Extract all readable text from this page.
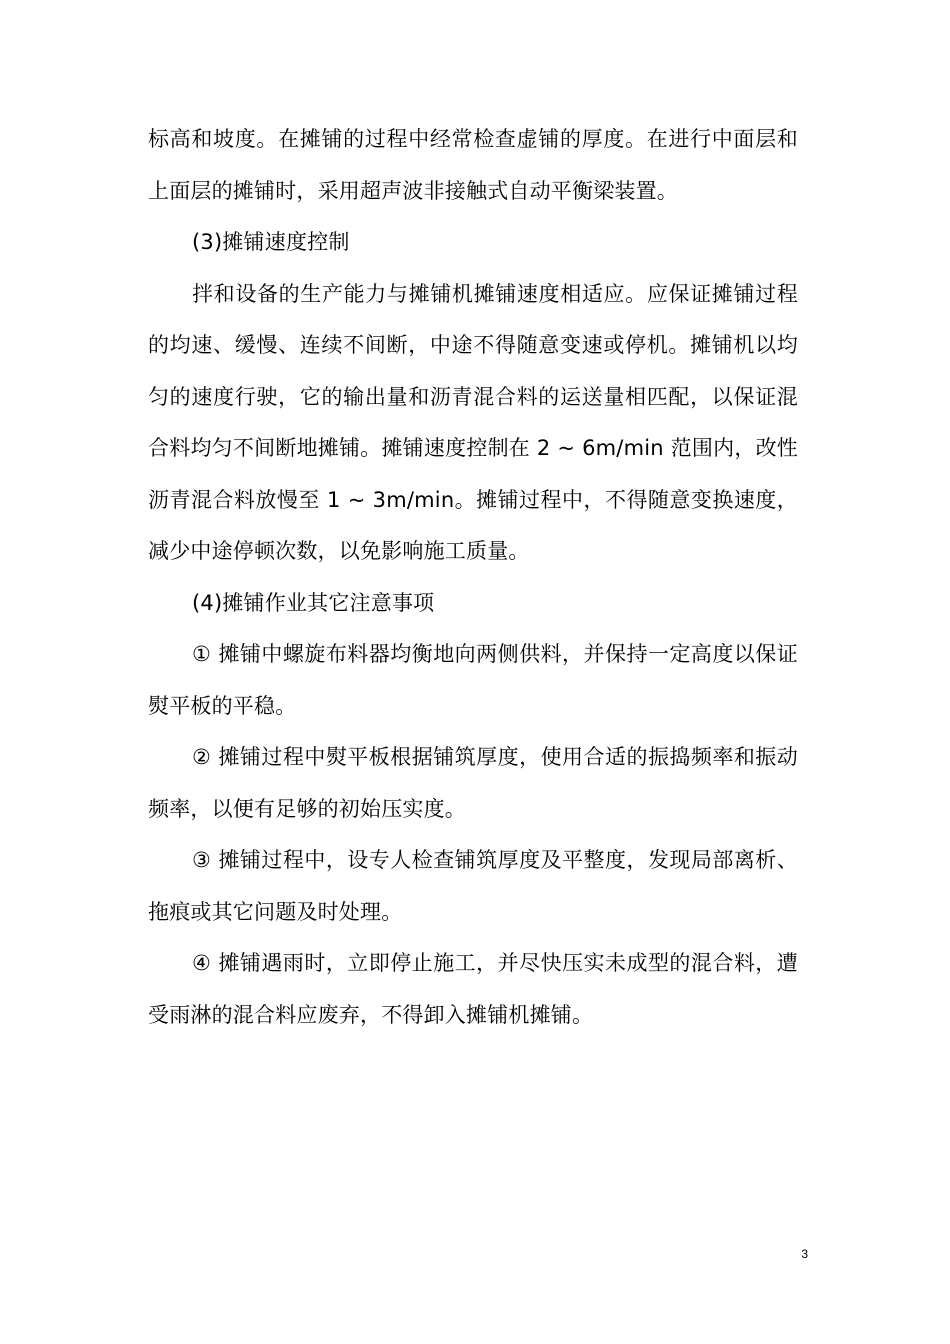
标高和坡度。在摊铺的过程中经常检查虚铺的厚度。在进行中面层和上面层的摊铺时，采用超声波非接触式自动平衡梁装置。

(3)摊铺速度控制

拌和设备的生产能力与摊铺机摊铺速度相适应。应保证摊铺过程的均速、缓慢、连续不间断，中途不得随意变速或停机。摊铺机以均匀的速度行驶，它的输出量和沥青混合料的运送量相匹配，以保证混合料均匀不间断地摊铺。摊铺速度控制在 2 ~ 6m/min 范围内，改性沥青混合料放慢至 1 ~ 3m/min。摊铺过程中，不得随意变换速度，减少中途停顿次数，以免影响施工质量。

(4)摊铺作业其它注意事项

① 摊铺中螺旋布料器均衡地向两侧供料，并保持一定高度以保证熨平板的平稳。

② 摊铺过程中熨平板根据铺筑厚度，使用合适的振捣频率和振动频率，以便有足够的初始压实度。

③ 摊铺过程中，设专人检查铺筑厚度及平整度，发现局部离析、拖痕或其它问题及时处理。

④ 摊铺遇雨时，立即停止施工，并尽快压实未成型的混合料，遭受雨淋的混合料应废弃，不得卸入摊铺机摊铺。

3
